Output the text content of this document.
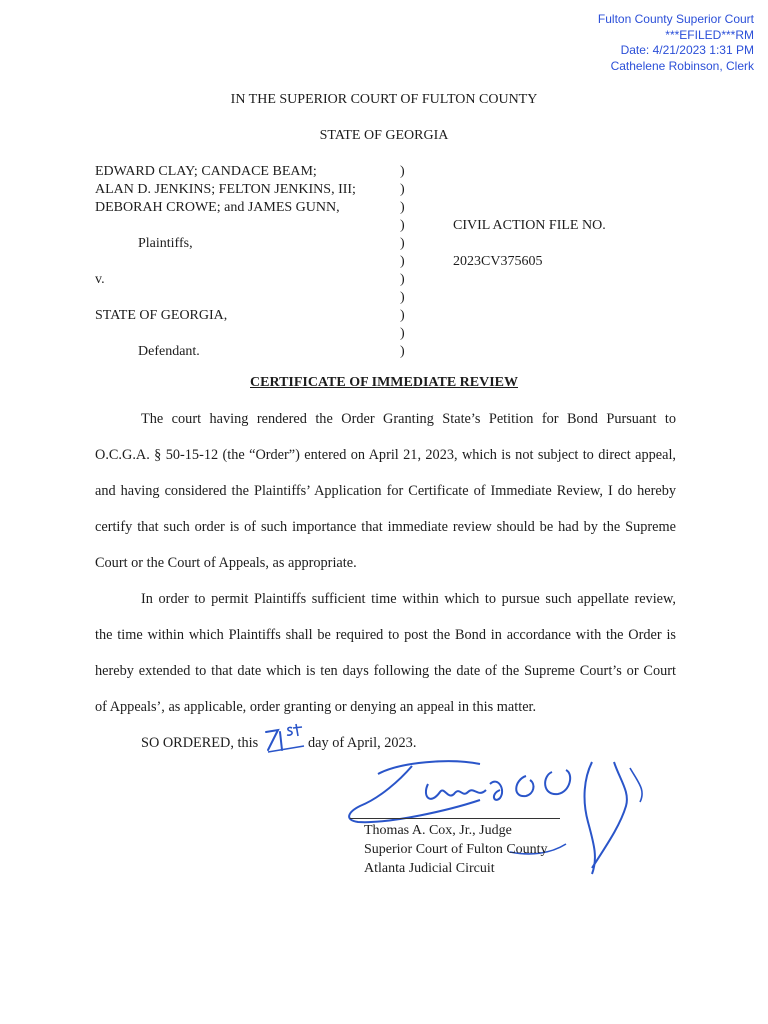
Fulton County Superior Court
***EFILED***RM
Date: 4/21/2023 1:31 PM
Cathelene Robinson, Clerk
IN THE SUPERIOR COURT OF FULTON COUNTY
STATE OF GEORGIA
EDWARD CLAY; CANDACE BEAM;
ALAN D. JENKINS; FELTON JENKINS, III;
DEBORAH CROWE; and JAMES GUNN,
Plaintiffs,
v.
STATE OF GEORGIA,
Defendant.
)
)
)
)
)
)
)
)
)
)
)
CIVIL ACTION FILE NO.
2023CV375605
CERTIFICATE OF IMMEDIATE REVIEW
The court having rendered the Order Granting State’s Petition for Bond Pursuant to
O.C.G.A. § 50-15-12 (the “Order”) entered on April 21, 2023, which is not subject to direct appeal,
and having considered the Plaintiffs’ Application for Certificate of Immediate Review, I do hereby
certify that such order is of such importance that immediate review should be had by the Supreme
Court or the Court of Appeals, as appropriate.
In order to permit Plaintiffs sufficient time within which to pursue such appellate review,
the time within which Plaintiffs shall be required to post the Bond in accordance with the Order is
hereby extended to that date which is ten days following the date of the Supreme Court’s or Court
of Appeals’, as applicable, order granting or denying an appeal in this matter.
SO ORDERED, this	day of April, 2023.
Thomas A. Cox, Jr., Judge
Superior Court of Fulton County
Atlanta Judicial Circuit
